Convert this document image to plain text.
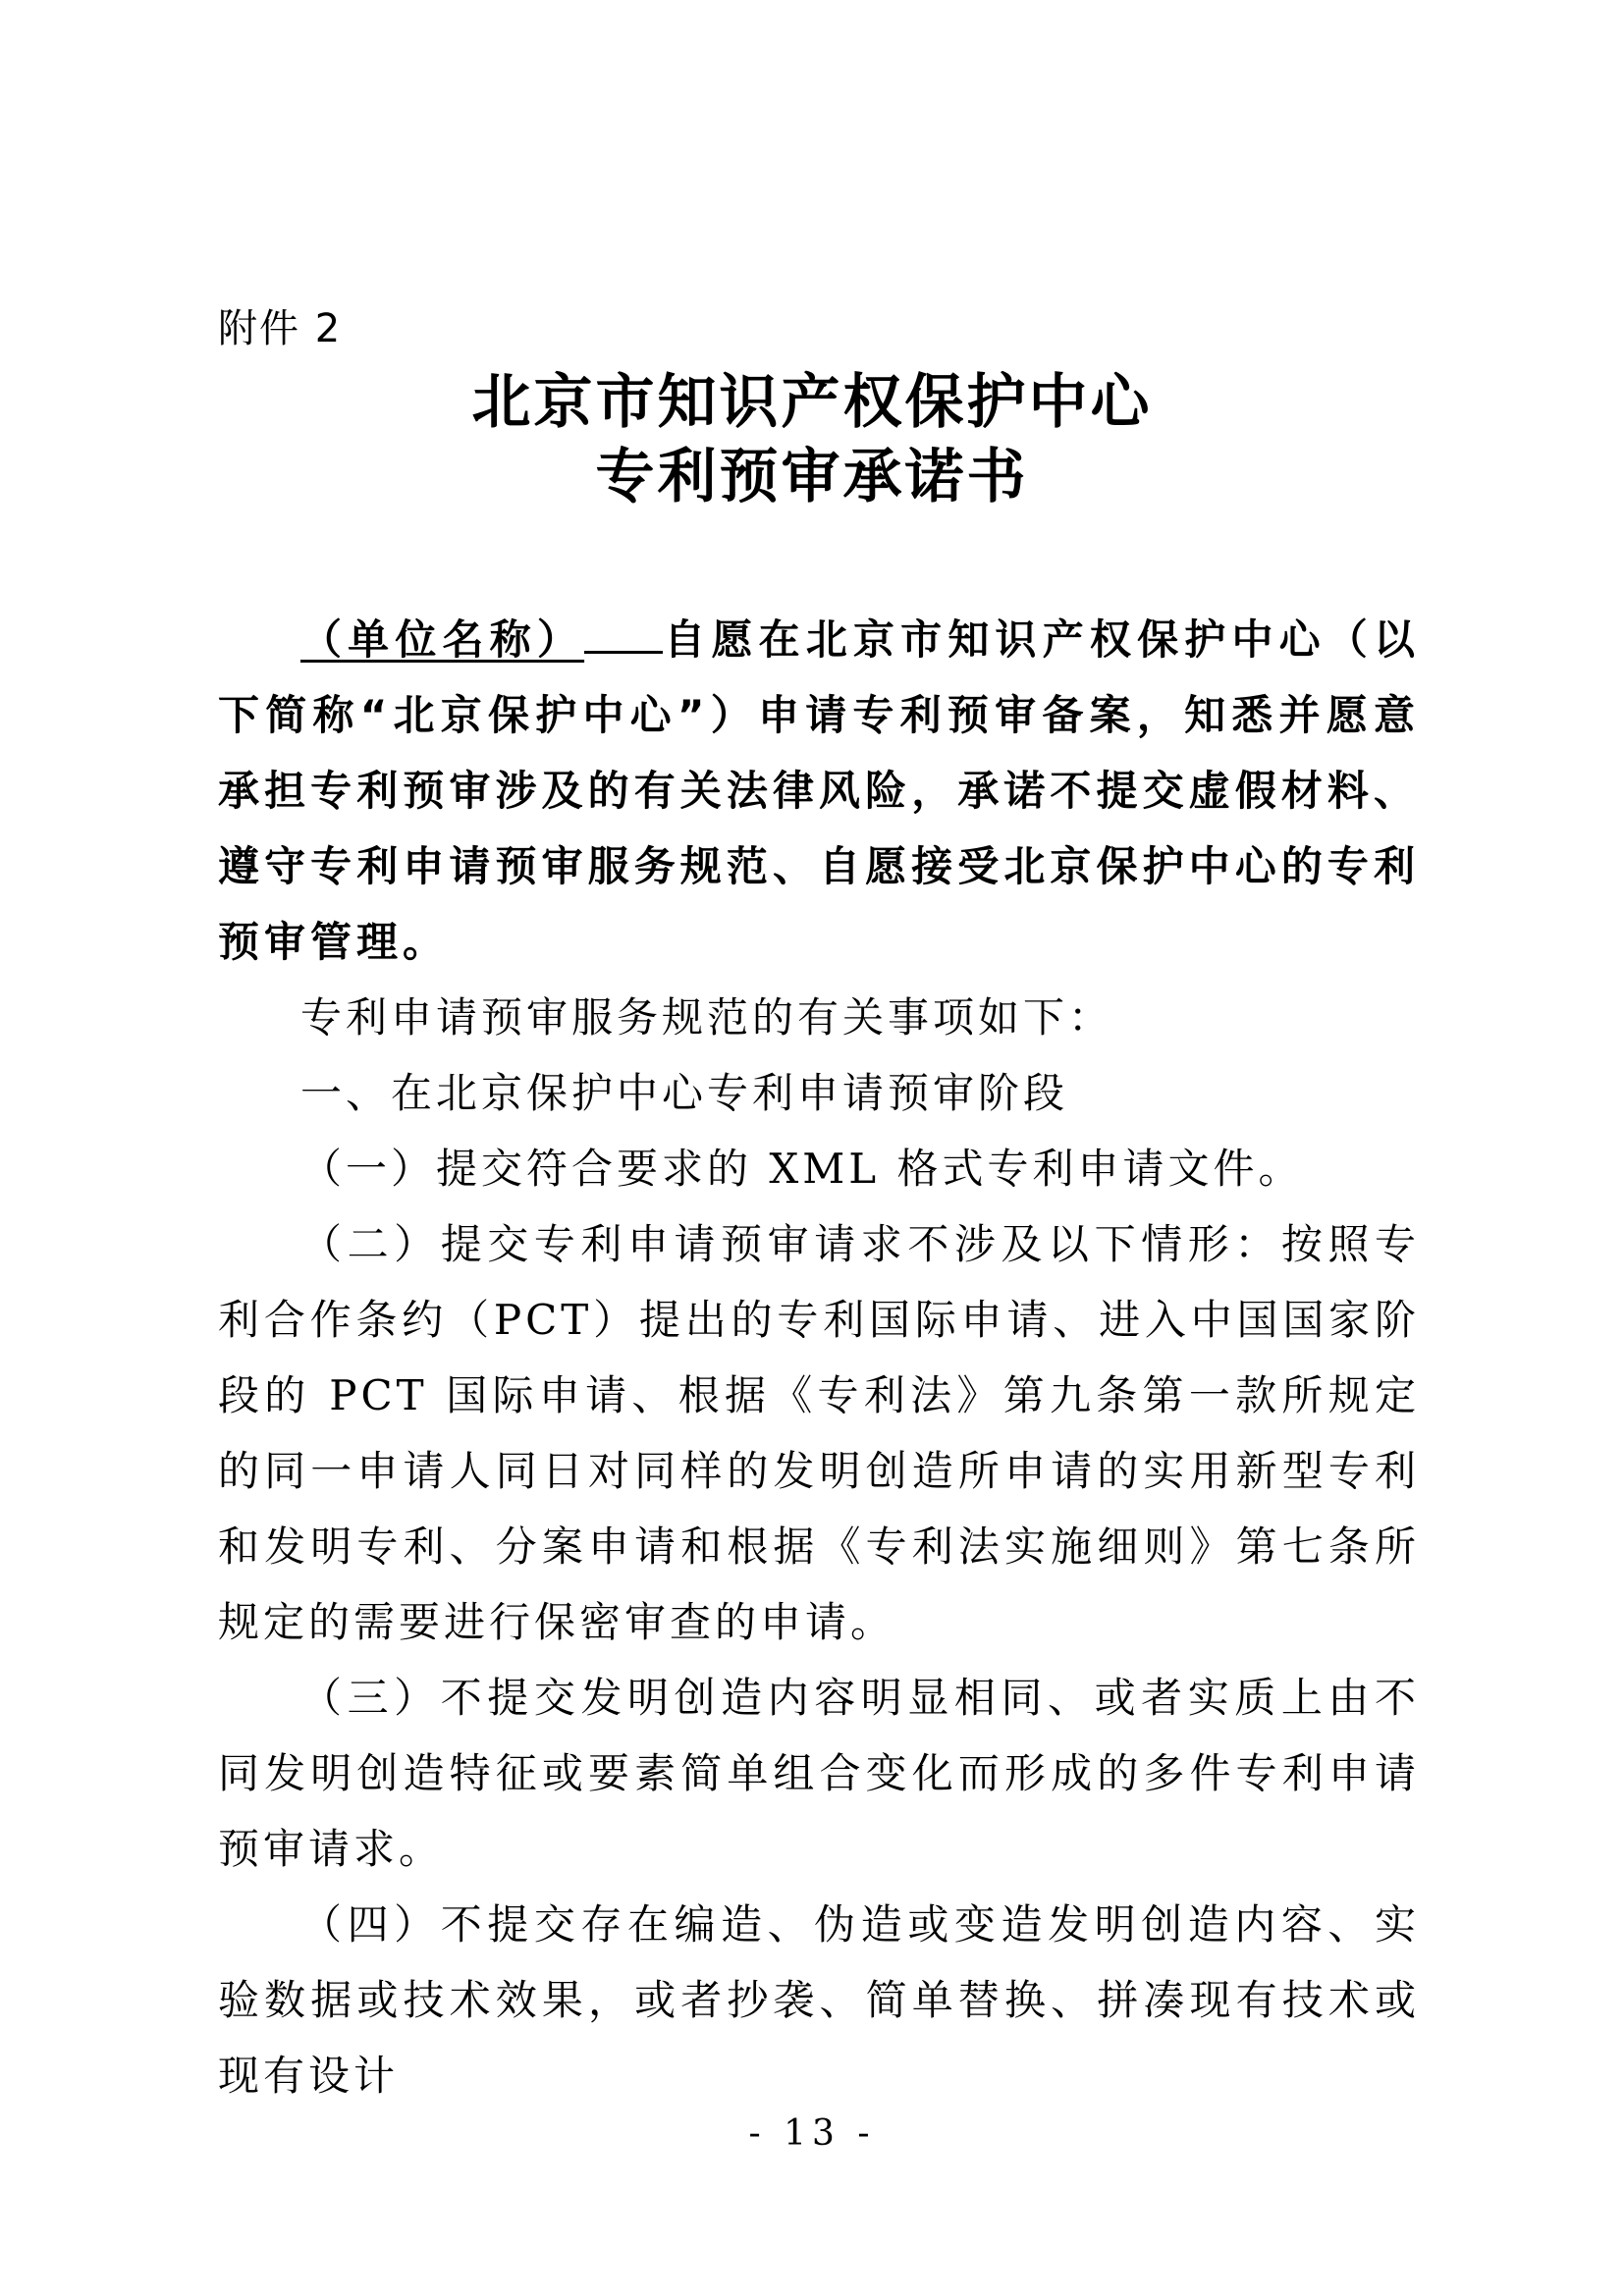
附件 2
北京市知识产权保护中心
专利预审承诺书

（单位名称） 自愿在北京市知识产权保护中心（以下简称“北京保护中心”）申请专利预审备案，知悉并愿意承担专利预审涉及的有关法律风险，承诺不提交虚假材料、遵守专利申请预审服务规范、自愿接受北京保护中心的专利预审管理。

专利申请预审服务规范的有关事项如下：

一、在北京保护中心专利申请预审阶段

（一）提交符合要求的 XML 格式专利申请文件。

（二）提交专利申请预审请求不涉及以下情形：按照专利合作条约（PCT）提出的专利国际申请、进入中国国家阶段的 PCT 国际申请、根据《专利法》第九条第一款所规定的同一申请人同日对同样的发明创造所申请的实用新型专利和发明专利、分案申请和根据《专利法实施细则》第七条所规定的需要进行保密审查的申请。

（三）不提交发明创造内容明显相同、或者实质上由不同发明创造特征或要素简单组合变化而形成的多件专利申请预审请求。

（四）不提交存在编造、伪造或变造发明创造内容、实验数据或技术效果，或者抄袭、简单替换、拼凑现有技术或现有设计

- 13 -
